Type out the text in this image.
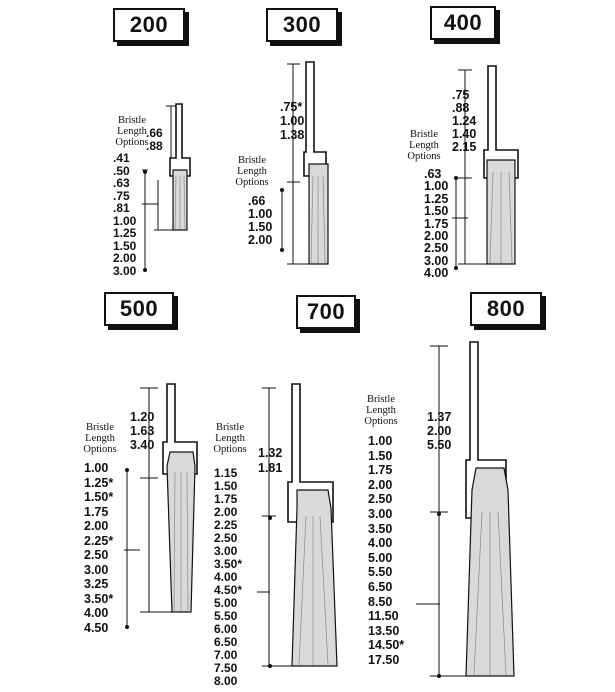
200
Bristle
Length
Options
.66
.88
.41
.50
.63
.75
.81
1.00
1.25
1.50
2.00
3.00
300
.75*
1.00
1.38
Bristle
Length
Options
.66
1.00
1.50
2.00
400
.75
.88
1.24
1.40
2.15
Bristle
Length
Options
.63
1.00
1.25
1.50
1.75
2.00
2.50
3.00
4.00
500
1.20
1.63
3.40
Bristle
Length
Options
1.00
1.25*
1.50*
1.75
2.00
2.25*
2.50
3.00
3.25
3.50*
4.00
4.50
700
Bristle
Length
Options 1.32
1.81
1.15
1.50
1.75
2.00
2.25
2.50
3.00
3.50*
4.00
4.50*
5.00
5.50
6.00
6.50
7.00
7.50
8.00
800
Bristle
Length
Options	1.37
2.00
5.50
1.00
1.50
1.75
2.00
2.50
3.00
3.50
4.00
5.00
5.50
6.50
8.50
11.50
13.50
14.50*
17.50
